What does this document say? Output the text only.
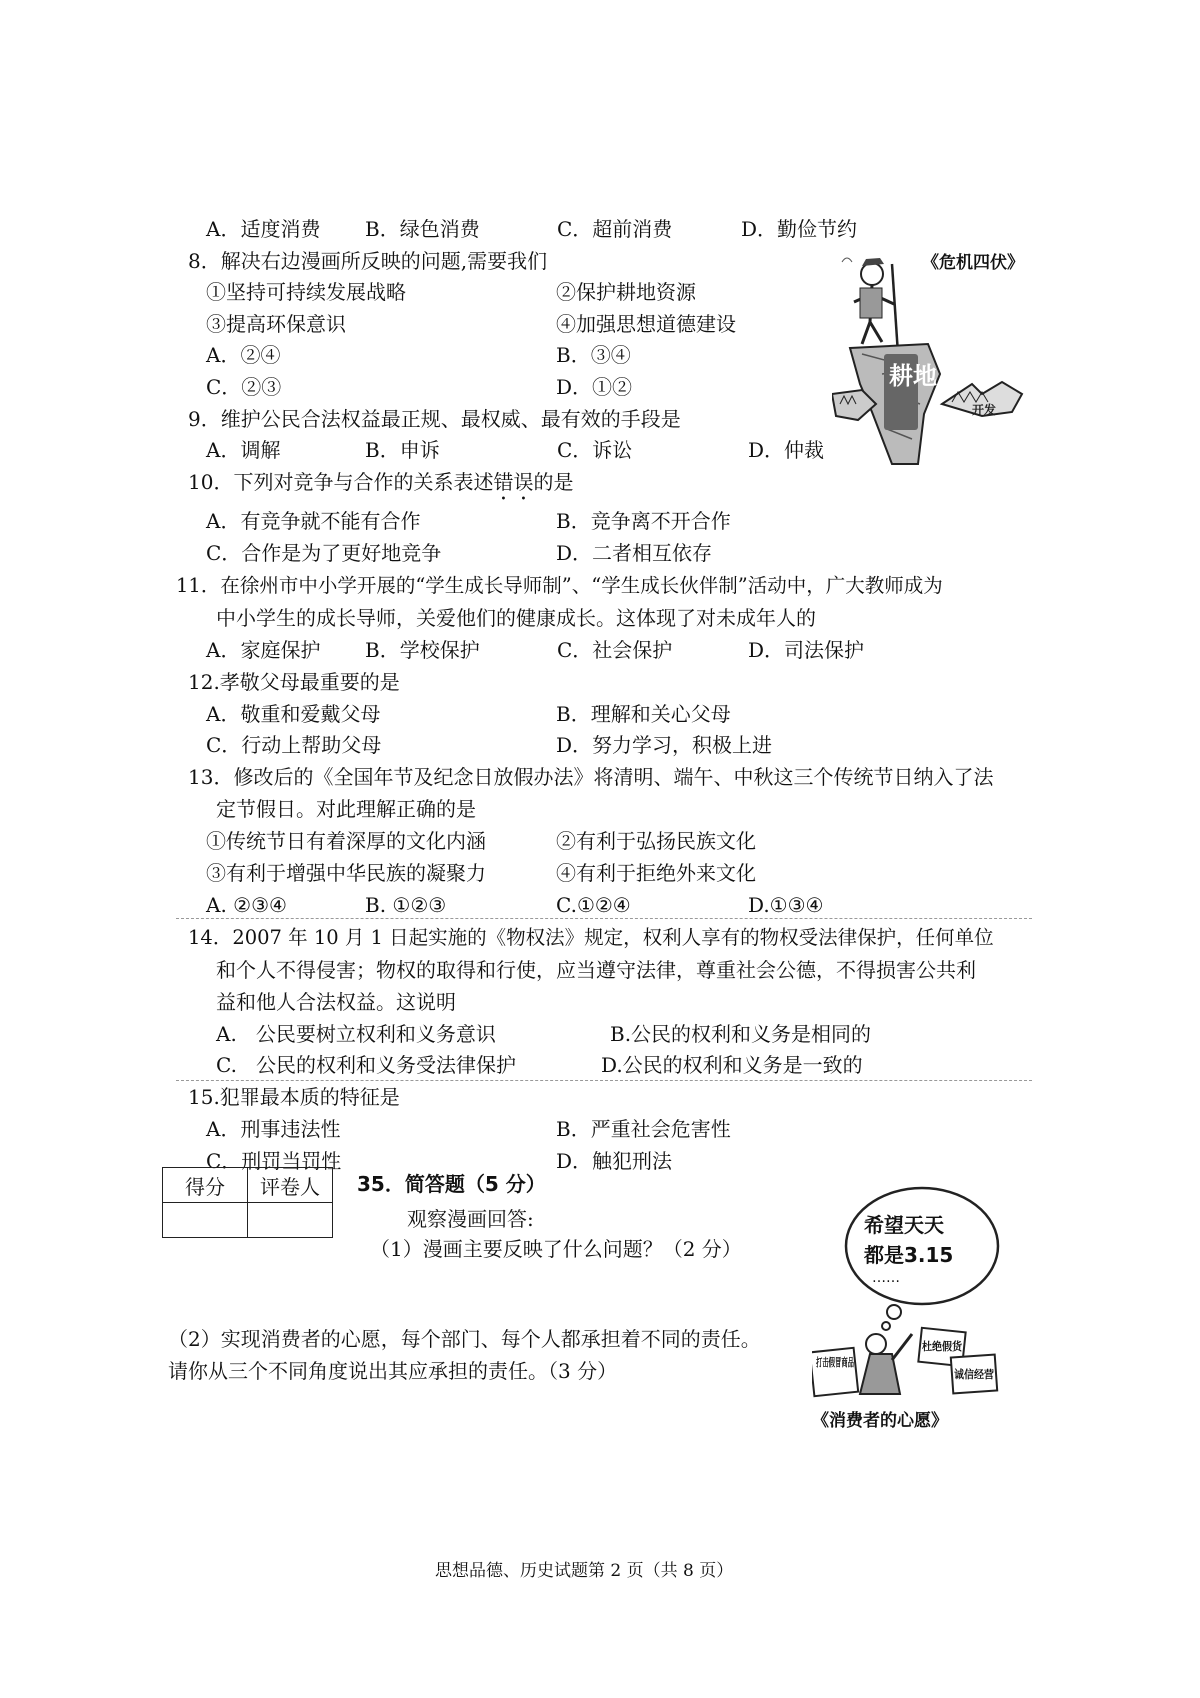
A．适度消费 B．绿色消费	C．超前消费	D．勤俭节约
8．解决右边漫画所反映的问题,需要我们
①坚持可持续发展战略	②保护耕地资源
③提高环保意识	④加强思想道德建设
A．②④	B．③④
C．②③	D．①②
《危机四伏》
耕地
开发
9．维护公民合法权益最正规、最权威、最有效的手段是
A．调解	B．申诉	C．诉讼	D．仲裁
10．下列对竞争与合作的关系表述错误的是
A．有竞争就不能有合作	B．竞争离不开合作
C．合作是为了更好地竞争	D．二者相互依存
11．在徐州市中小学开展的“学生成长导师制”、“学生成长伙伴制”活动中，广大教师成为
中小学生的成长导师，关爱他们的健康成长。这体现了对未成年人的
A．家庭保护 B．学校保护	C．社会保护	D．司法保护
12.孝敬父母最重要的是
A．敬重和爱戴父母	B．理解和关心父母
C．行动上帮助父母	D．努力学习，积极上进
13．修改后的《全国年节及纪念日放假办法》将清明、端午、中秋这三个传统节日纳入了法
定节假日。对此理解正确的是
①传统节日有着深厚的文化内涵	②有利于弘扬民族文化
③有利于增强中华民族的凝聚力	④有利于拒绝外来文化
A. ②③④	B. ①②③	C.①②④	D.①③④
14．2007 年 10 月 1 日起实施的《物权法》规定，权利人享有的物权受法律保护，任何单位
和个人不得侵害；物权的取得和行使，应当遵守法律，尊重社会公德，不得损害公共利
益和他人合法权益。这说明
A.   公民要树立权利和义务意识	B.公民的权利和义务是相同的
C.   公民的权利和义务受法律保护	D.公民的权利和义务是一致的
15.犯罪最本质的特征是
A．刑事违法性	B．严重社会危害性
C．刑罚当罚性	D．触犯刑法
得分	评卷人
	35．简答题（5 分）
观察漫画回答:
（1）漫画主要反映了什么问题？（2 分）
（2）实现消费者的心愿，每个部门、每个人都承担着不同的责任。
请你从三个不同角度说出其应承担的责任。（3 分）
希望天天
都是3.15
……
打击假冒商品
杜绝假货
诚信经营
《消费者的心愿》
思想品德、历史试题第 2 页（共 8 页）
